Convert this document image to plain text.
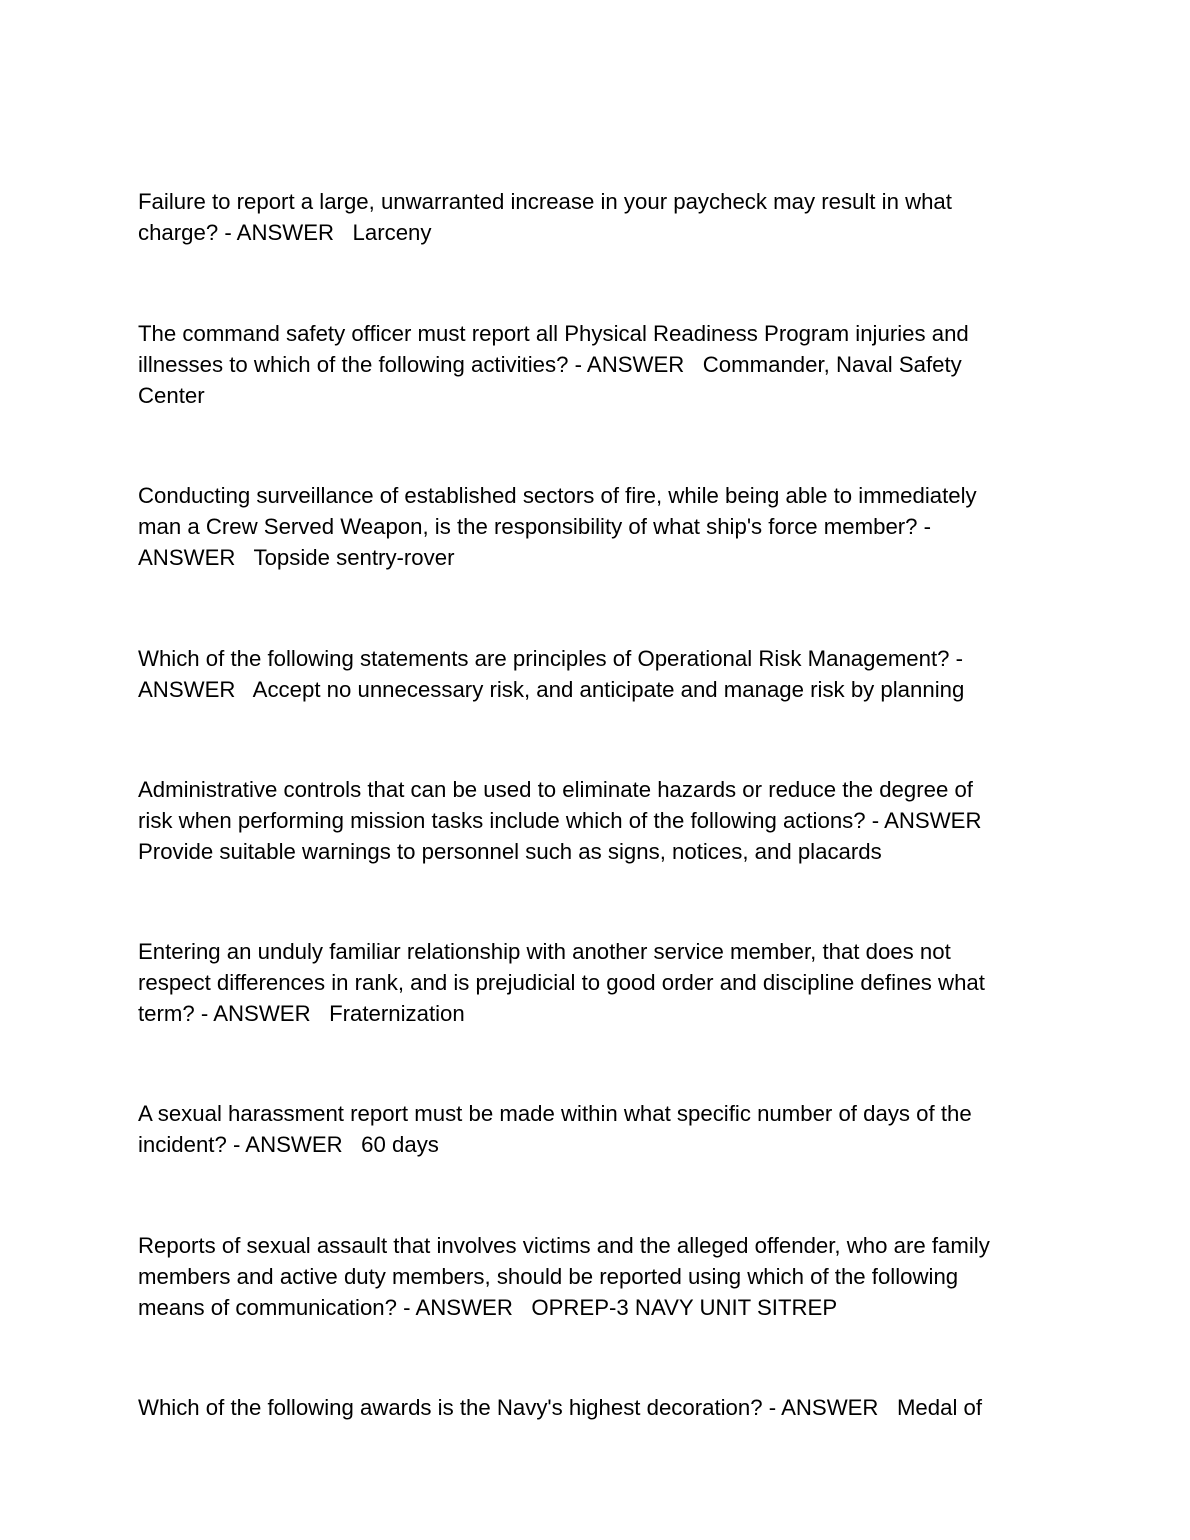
Failure to report a large, unwarranted increase in your paycheck may result in what
charge? - ANSWER   Larceny

The command safety officer must report all Physical Readiness Program injuries and
illnesses to which of the following activities? - ANSWER   Commander, Naval Safety
Center

Conducting surveillance of established sectors of fire, while being able to immediately
man a Crew Served Weapon, is the responsibility of what ship's force member? -
ANSWER   Topside sentry-rover

Which of the following statements are principles of Operational Risk Management? -
ANSWER   Accept no unnecessary risk, and anticipate and manage risk by planning

Administrative controls that can be used to eliminate hazards or reduce the degree of
risk when performing mission tasks include which of the following actions? - ANSWER
Provide suitable warnings to personnel such as signs, notices, and placards

Entering an unduly familiar relationship with another service member, that does not
respect differences in rank, and is prejudicial to good order and discipline defines what
term? - ANSWER   Fraternization

A sexual harassment report must be made within what specific number of days of the
incident? - ANSWER   60 days

Reports of sexual assault that involves victims and the alleged offender, who are family
members and active duty members, should be reported using which of the following
means of communication? - ANSWER   OPREP-3 NAVY UNIT SITREP

Which of the following awards is the Navy's highest decoration? - ANSWER   Medal of
